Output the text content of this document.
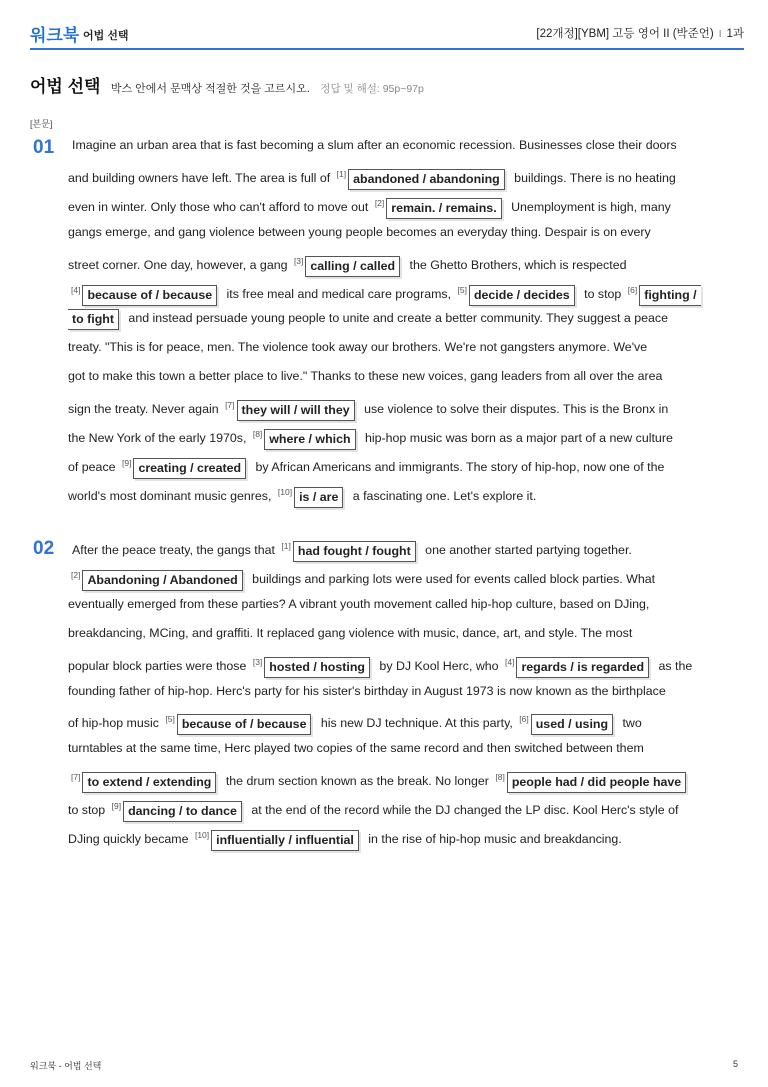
워크북 어법 선택	[22개정][YBM] 고등 영어 II (박준언) I 1과
어법 선택 박스 안에서 문맥상 적절한 것을 고르시오. 정답 및 해설: 95p~97p
[본문]
01 Imagine an urban area that is fast becoming a slum after an economic recession. Businesses close their doors
and building owners have left. The area is full of [1] abandoned / abandoning buildings. There is no heating
even in winter. Only those who can't afford to move out [2] remain. / remains. Unemployment is high, many
gangs emerge, and gang violence between young people becomes an everyday thing. Despair is on every
street corner. One day, however, a gang [3] calling / called the Ghetto Brothers, which is respected
[4] because of / because its free meal and medical care programs, [5] decide / decides to stop [6] fighting /
to fight and instead persuade young people to unite and create a better community. They suggest a peace
treaty. "This is for peace, men. The violence took away our brothers. We're not gangsters anymore. We've
got to make this town a better place to live." Thanks to these new voices, gang leaders from all over the area
sign the treaty. Never again [7] they will / will they use violence to solve their disputes. This is the Bronx in
the New York of the early 1970s, [8] where / which hip-hop music was born as a major part of a new culture
of peace [9] creating / created by African Americans and immigrants. The story of hip-hop, now one of the
world's most dominant music genres, [10] is / are a fascinating one. Let's explore it.
02 After the peace treaty, the gangs that [1] had fought / fought one another started partying together.
[2] Abandoning / Abandoned buildings and parking lots were used for events called block parties. What
eventually emerged from these parties? A vibrant youth movement called hip-hop culture, based on DJing,
breakdancing, MCing, and graffiti. It replaced gang violence with music, dance, art, and style. The most
popular block parties were those [3] hosted / hosting by DJ Kool Herc, who [4] regards / is regarded as the
founding father of hip-hop. Herc's party for his sister's birthday in August 1973 is now known as the birthplace
of hip-hop music [5] because of / because his new DJ technique. At this party, [6] used / using two
turntables at the same time, Herc played two copies of the same record and then switched between them
[7] to extend / extending the drum section known as the break. No longer [8] people had / did people have
to stop [9] dancing / to dance at the end of the record while the DJ changed the LP disc. Kool Herc's style of
DJing quickly became [10] influentially / influential in the rise of hip-hop music and breakdancing.
워크북 - 어법 선택	5
